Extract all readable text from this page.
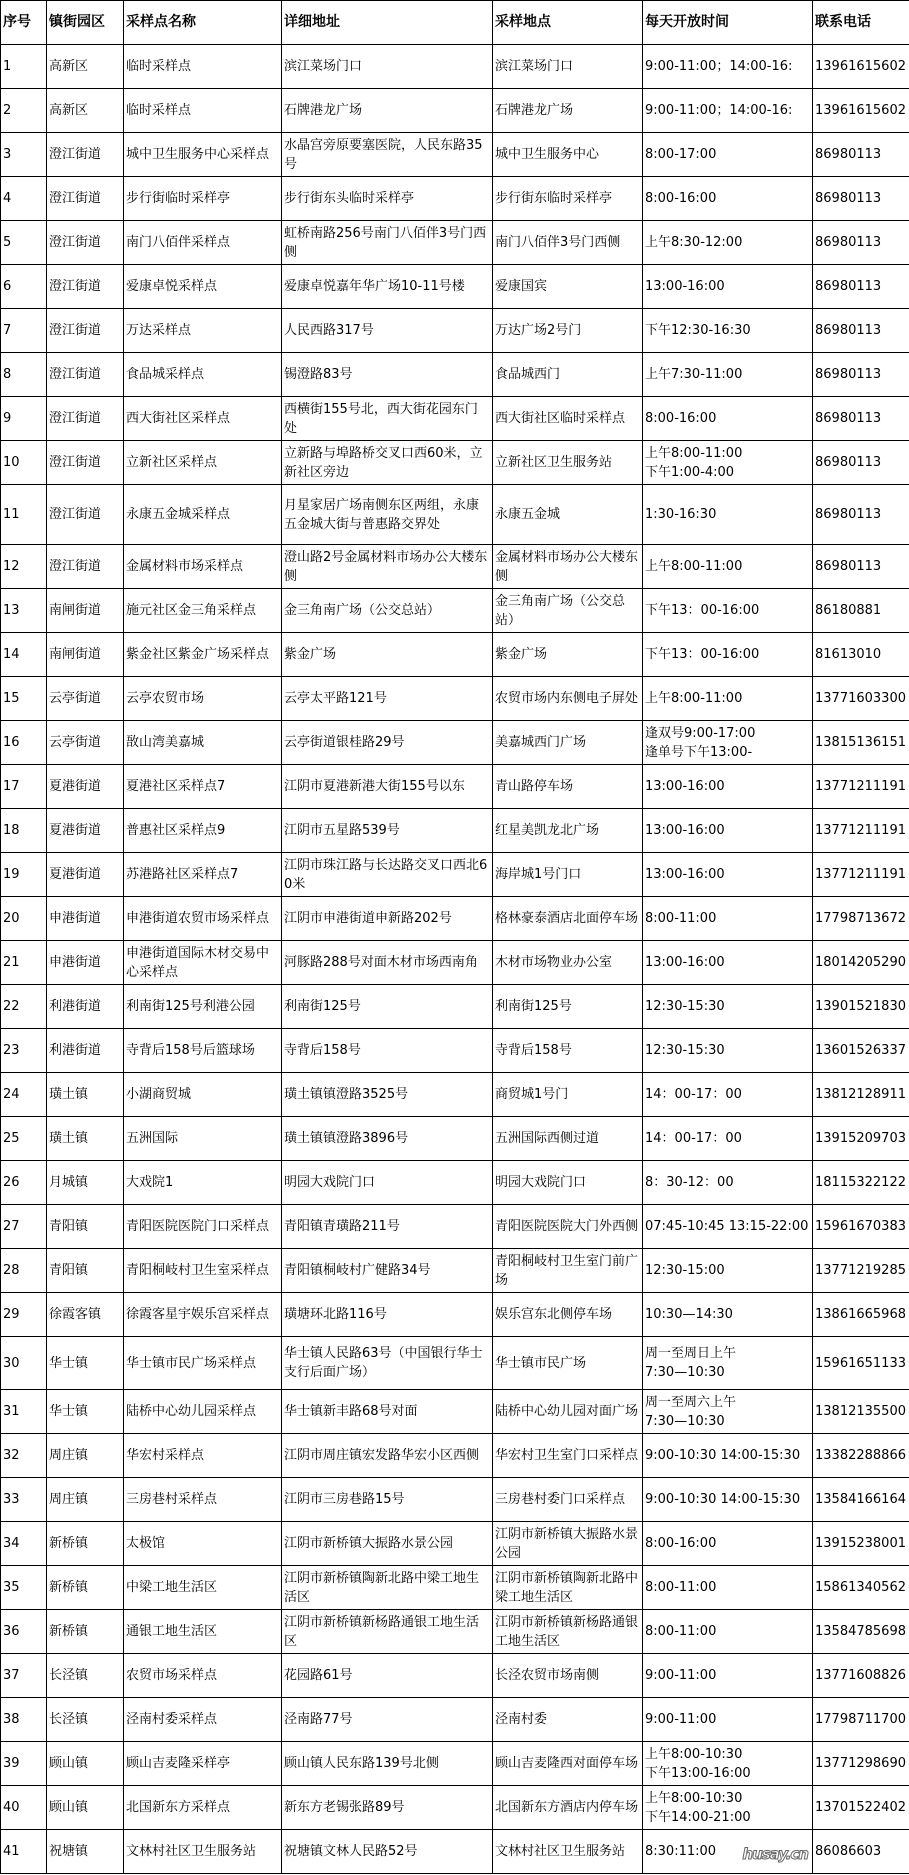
序号	镇街园区	采样点名称	详细地址	采样地点	每天开放时间	联系电话

1	高新区	临时采样点	滨江菜场门口	滨江菜场门口	9:00-11:00；14:00-16:	13961615602

2	高新区	临时采样点	石牌港龙广场	石牌港龙广场	9:00-11:00；14:00-16:	13961615602

3	澄江街道	城中卫生服务中心采样点	水晶宫旁原要塞医院，人民东路35号	城中卫生服务中心	8:00-17:00	86980113

4	澄江街道	步行街临时采样亭	步行街东头临时采样亭	步行街东临时采样亭	8:00-16:00	86980113

5	澄江街道	南门八佰伴采样点	虹桥南路256号南门八佰伴3号门西侧	南门八佰伴3号门西侧	上午8:30-12:00	86980113

6	澄江街道	爱康卓悦采样点	爱康卓悦嘉年华广场10-11号楼	爱康国宾	13:00-16:00	86980113

7	澄江街道	万达采样点	人民西路317号	万达广场2号门	下午12:30-16:30	86980113

8	澄江街道	食品城采样点	锡澄路83号	食品城西门	上午7:30-11:00	86980113

9	澄江街道	西大街社区采样点	西横街155号北，西大街花园东门处	西大街社区临时采样点	8:00-16:00	86980113

10	澄江街道	立新社区采样点	立新路与埠路桥交叉口西60米，立新社区旁边	立新社区卫生服务站	上午8:00-11:00
下午1:00-4:00	86980113

11	澄江街道	永康五金城采样点	月星家居广场南侧东区两组，永康五金城大街与普惠路交界处	永康五金城	1:30-16:30	86980113

12	澄江街道	金属材料市场采样点	澄山路2号金属材料市场办公大楼东侧	金属材料市场办公大楼东侧	上午8:00-11:00	86980113

13	南闸街道	施元社区金三角采样点	金三角南广场（公交总站）	金三角南广场（公交总站）	下午13：00-16:00	86180881

14	南闸街道	紫金社区紫金广场采样点	紫金广场	紫金广场	下午13：00-16:00	81613010

15	云亭街道	云亭农贸市场	云亭太平路121号	农贸市场内东侧电子屏处	上午8:00-11:00	13771603300

16	云亭街道	敔山湾美嘉城	云亭街道银桂路29号	美嘉城西门广场	逢双号9:00-17:00
逢单号下午13:00-	13815136151

17	夏港街道	夏港社区采样点7	江阴市夏港新港大街155号以东	青山路停车场	13:00-16:00	13771211191

18	夏港街道	普惠社区采样点9	江阴市五星路539号	红星美凯龙北广场	13:00-16:00	13771211191

19	夏港街道	苏港路社区采样点7	江阴市珠江路与长达路交叉口西北60米	海岸城1号门口	13:00-16:00	13771211191

20	申港街道	申港街道农贸市场采样点	江阴市申港街道申新路202号	格林豪泰酒店北面停车场	8:00-11:00	17798713672

21	申港街道	申港街道国际木材交易中心采样点	河豚路288号对面木材市场西南角	木材市场物业办公室	13:00-16:00	18014205290

22	利港街道	利南街125号利港公园	利南街125号	利南街125号	12:30-15:30	13901521830

23	利港街道	寺背后158号后篮球场	寺背后158号	寺背后158号	12:30-15:30	13601526337

24	璜土镇	小湖商贸城	璜土镇镇澄路3525号	商贸城1号门	14：00-17：00	13812128911

25	璜土镇	五洲国际	璜土镇镇澄路3896号	五洲国际西侧过道	14：00-17：00	13915209703

26	月城镇	大戏院1	明园大戏院门口	明园大戏院门口	8：30-12：00	18115322122

27	青阳镇	青阳医院医院门口采样点	青阳镇青璜路211号	青阳医院医院大门外西侧	07:45-10:45 13:15-22:00	15961670383

28	青阳镇	青阳桐岐村卫生室采样点	青阳镇桐岐村广健路34号	青阳桐岐村卫生室门前广场	12:30-15:00	13771219285

29	徐霞客镇	徐霞客星宇娱乐宫采样点	璜塘环北路116号	娱乐宫东北侧停车场	10:30—14:30	13861665968

30	华士镇	华士镇市民广场采样点	华士镇人民路63号（中国银行华士支行后面广场）	华士镇市民广场	周一至周日上午
7:30—10:30	15961651133

31	华士镇	陆桥中心幼儿园采样点	华士镇新丰路68号对面	陆桥中心幼儿园对面广场	周一至周六上午
7:30—10:30	13812135500

32	周庄镇	华宏村采样点	江阴市周庄镇宏发路华宏小区西侧	华宏村卫生室门口采样点	9:00-10:30 14:00-15:30	13382288866

33	周庄镇	三房巷村采样点	江阴市三房巷路15号	三房巷村委门口采样点	9:00-10:30 14:00-15:30	13584166164

34	新桥镇	太极馆	江阴市新桥镇大振路水景公园	江阴市新桥镇大振路水景公园	8:00-16:00	13915238001

35	新桥镇	中梁工地生活区	江阴市新桥镇陶新北路中梁工地生活区	江阴市新桥镇陶新北路中梁工地生活区	8:00-11:00	15861340562

36	新桥镇	通银工地生活区	江阴市新桥镇新杨路通银工地生活区	江阴市新桥镇新杨路通银工地生活区	8:00-11:00	13584785698

37	长泾镇	农贸市场采样点	花园路61号	长泾农贸市场南侧	9:00-11:00	13771608826

38	长泾镇	泾南村委采样点	泾南路77号	泾南村委	9:00-11:00	17798711700

39	顾山镇	顾山吉麦隆采样亭	顾山镇人民东路139号北侧	顾山吉麦隆西对面停车场	上午8:00-10:30
下午13:00-16:00	13771298690

40	顾山镇	北国新东方采样点	新东方老锡张路89号	北国新东方酒店内停车场	上午8:00-10:30
下午14:00-21:00	13701522402

41	祝塘镇	文林村社区卫生服务站	祝塘镇文林人民路52号	文林村社区卫生服务站	8:30:11:00	86086603
husay.cn
